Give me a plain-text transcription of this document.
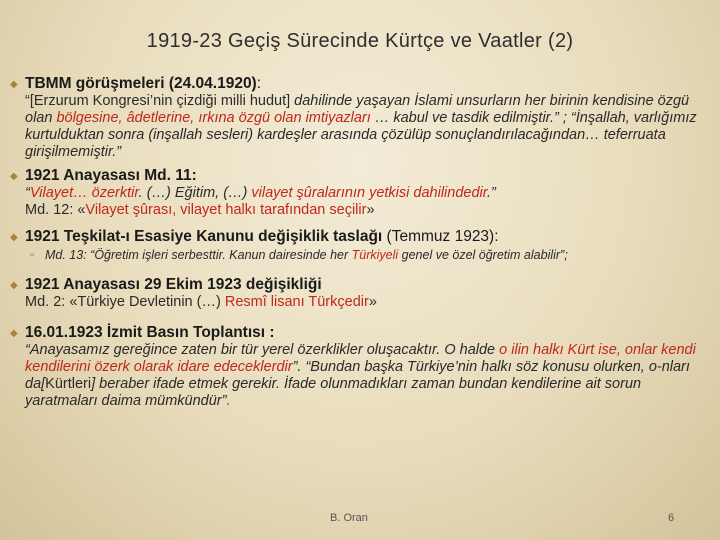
1919-23 Geçiş Sürecinde Kürtçe ve Vaatler (2)
◆ TBMM görüşmeleri (24.04.1920):
“[Erzurum Kongresi’nin çizdiği milli hudut] dahilinde yaşayan İslami unsurların her birinin kendisine özgü olan bölgesine, âdetlerine, ırkına özgü olan imtiyazları … kabul ve tasdik edilmiştir.” ; “İnşallah, varlığımız kurtulduktan sonra (inşallah sesleri) kardeşler arasında çözülüp sonuçlandırılacağından… teferruata girişilmemiştir.”
◆ 1921 Anayasası Md. 11:
“Vilayet… özerktir. (…) Eğitim, (…) vilayet şûralarının yetkisi dahilindedir.”
Md. 12: «Vilayet şûrası, vilayet halkı tarafından seçilir»
◆ 1921 Teşkilat-ı Esasiye Kanunu değişiklik taslağı (Temmuz 1923):
▫ Md. 13: “Öğretim işleri serbesttir. Kanun dairesinde her Türkiyeli genel ve özel öğretim alabilir”;
◆ 1921 Anayasası 29 Ekim 1923 değişikliği
Md. 2: «Türkiye Devletinin (…) Resmî lisanı Türkçedir»
◆ 16.01.1923 İzmit Basın Toplantısı :
“Anayasamız gereğince zaten bir tür yerel özerklikler oluşacaktır. O halde o ilin halkı Kürt ise, onlar kendi kendilerini özerk olarak idare edeceklerdir”. “Bundan başka Türkiye’nin halkı söz konusu olurken, o-nları da[Kürtleri] beraber ifade etmek gerekir. İfade olunmadıkları zaman bundan kendilerine ait sorun yaratmaları daima mümkündür”.
B. Oran	6
